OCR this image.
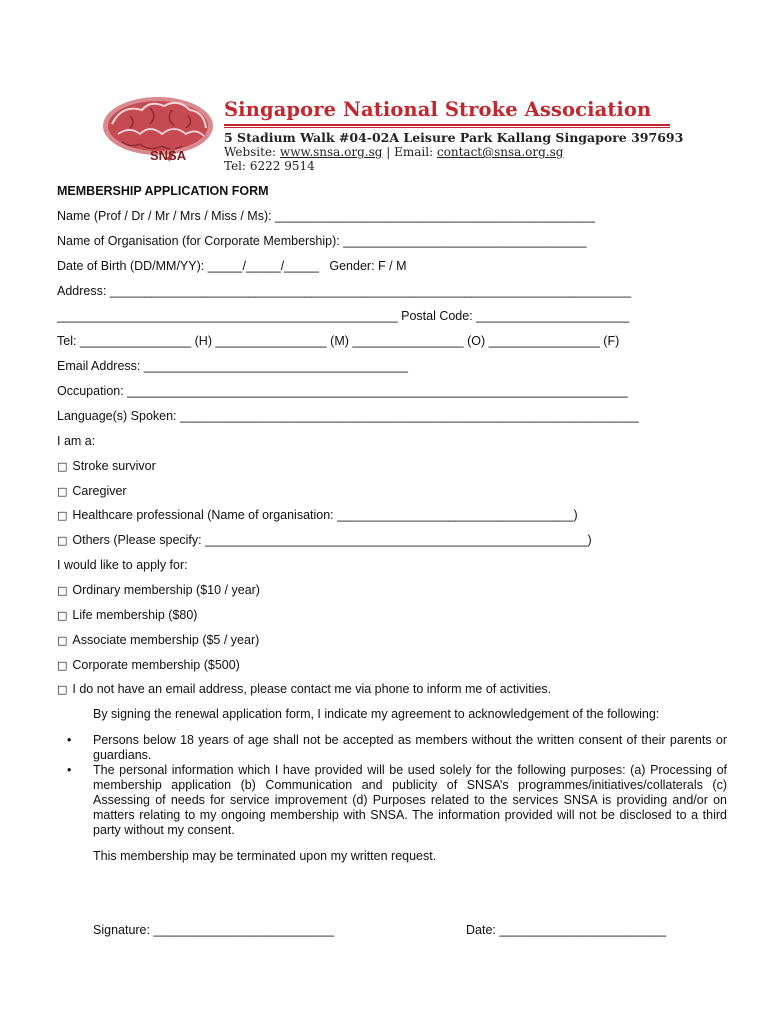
SNSA
Singapore National Stroke Association
5 Stadium Walk #04-02A Leisure Park Kallang Singapore 397693
Website: www.snsa.org.sg | Email: contact@snsa.org.sg
Tel: 6222 9514
MEMBERSHIP APPLICATION FORM
Name (Prof / Dr / Mr / Mrs / Miss / Ms): ______________________________________________
Name of Organisation (for Corporate Membership): ___________________________________
Date of Birth (DD/MM/YY): _____/_____/_____ Gender: F / M
Address: ___________________________________________________________________________
_________________________________________________ Postal Code: ______________________
Tel: ________________ (H) ________________ (M) ________________ (O) ________________ (F)
Email Address: ______________________________________
Occupation: ________________________________________________________________________
Language(s) Spoken: __________________________________________________________________
I am a:
□ Stroke survivor
□ Caregiver
□ Healthcare professional (Name of organisation: __________________________________)
□ Others (Please specify: _______________________________________________________)
I would like to apply for:
□ Ordinary membership ($10 / year)
□ Life membership ($80)
□ Associate membership ($5 / year)
□ Corporate membership ($500)
□ I do not have an email address, please contact me via phone to inform me of activities.
By signing the renewal application form, I indicate my agreement to acknowledgement of the following:
•	Persons below 18 years of age shall not be accepted as members without the written consent of their parents or guardians.
•	The personal information which I have provided will be used solely for the following purposes: (a) Processing of membership application (b) Communication and publicity of SNSA’s programmes/initiatives/collaterals (c) Assessing of needs for service improvement (d) Purposes related to the services SNSA is providing and/or on matters relating to my ongoing membership with SNSA. The information provided will not be disclosed to a third party without my consent.
This membership may be terminated upon my written request.
Signature: __________________________	Date: ________________________
